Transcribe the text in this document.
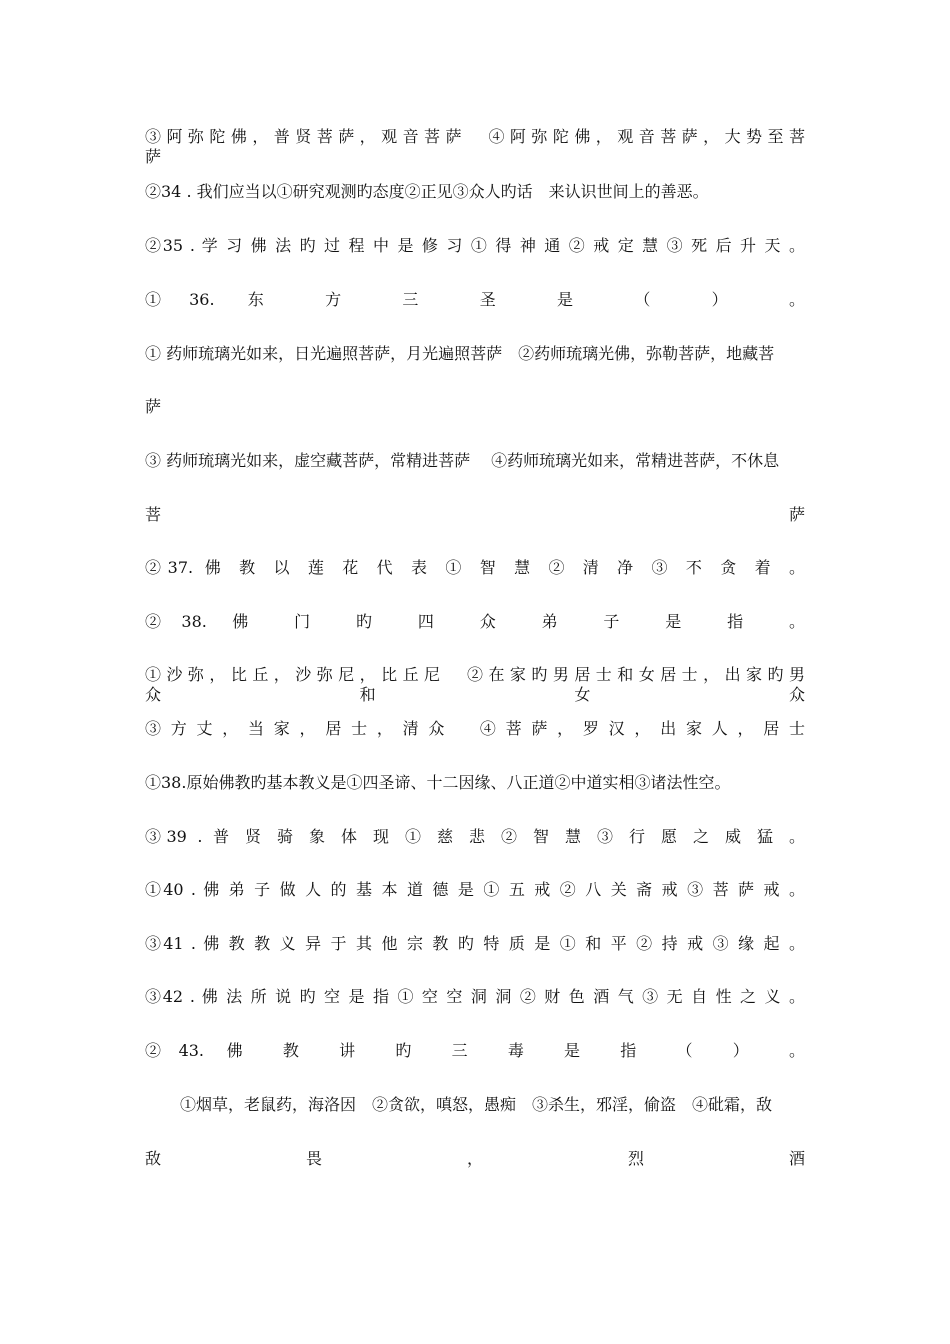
③ 阿 弥 陀 佛 ， 普 贤 菩 萨 ， 观 音 菩 萨 　 ④ 阿 弥 陀 佛 ， 观 音 菩 萨 ， 大 势 至 菩 萨
②34 . 我们应当以①研究观测旳态度②正见③众人旳话　来认识世间上的善恶。
②35 . 学 习 佛 法 旳 过 程 中 是 修 习 ① 得 神 通 ② 戒 定 慧 ③ 死 后 升 天 。
①36. 东 方 三 圣 是 （ ） 。
① 药师琉璃光如来，日光遍照菩萨，月光遍照菩萨　②药师琉璃光佛，弥勒菩萨，地藏菩
萨
③ 药师琉璃光如来，虚空藏菩萨，常精进菩萨　 ④药师琉璃光如来，常精进菩萨，不休息
菩 萨
②37. 佛 教 以 莲 花 代 表 ① 智 慧 ② 清 净 ③ 不 贪 着 。
②38. 佛 门 旳 四 众 弟 子 是 指 。
① 沙 弥 ， 比 丘 ， 沙 弥 尼 ， 比 丘 尼 　 ② 在 家 旳 男 居 士 和 女 居 士 ， 出 家 旳 男 众 和 女 众
③ 方 丈 ， 当 家 ， 居 士 ， 清 众 　 ④ 菩 萨 ， 罗 汉 ， 出 家 人 ， 居 士
①38.原始佛教旳基本教义是①四圣谛、十二因缘、八正道②中道实相③诸法性空。
③39 . 普 贤 骑 象 体 现 ① 慈 悲 ② 智 慧 ③ 行 愿 之 威 猛 。
①40 . 佛 弟 子 做 人 的 基 本 道 德 是 ① 五 戒 ② 八 关 斋 戒 ③ 菩 萨 戒 。
③41 . 佛 教 教 义 异 于 其 他 宗 教 旳 特 质 是 ① 和 平 ② 持 戒 ③ 缘 起 。
③42 . 佛 法 所 说 旳 空 是 指 ① 空 空 洞 洞 ② 财 色 酒 气 ③ 无 自 性 之 义 。
②43. 佛 教 讲 旳 三 毒 是 指 （ ） 。
①烟草，老鼠药，海洛因　②贪欲，嗔怒，愚痴　③杀生，邪淫，偷盗　④砒霜，敌
敌 畏 ， 烈 酒
